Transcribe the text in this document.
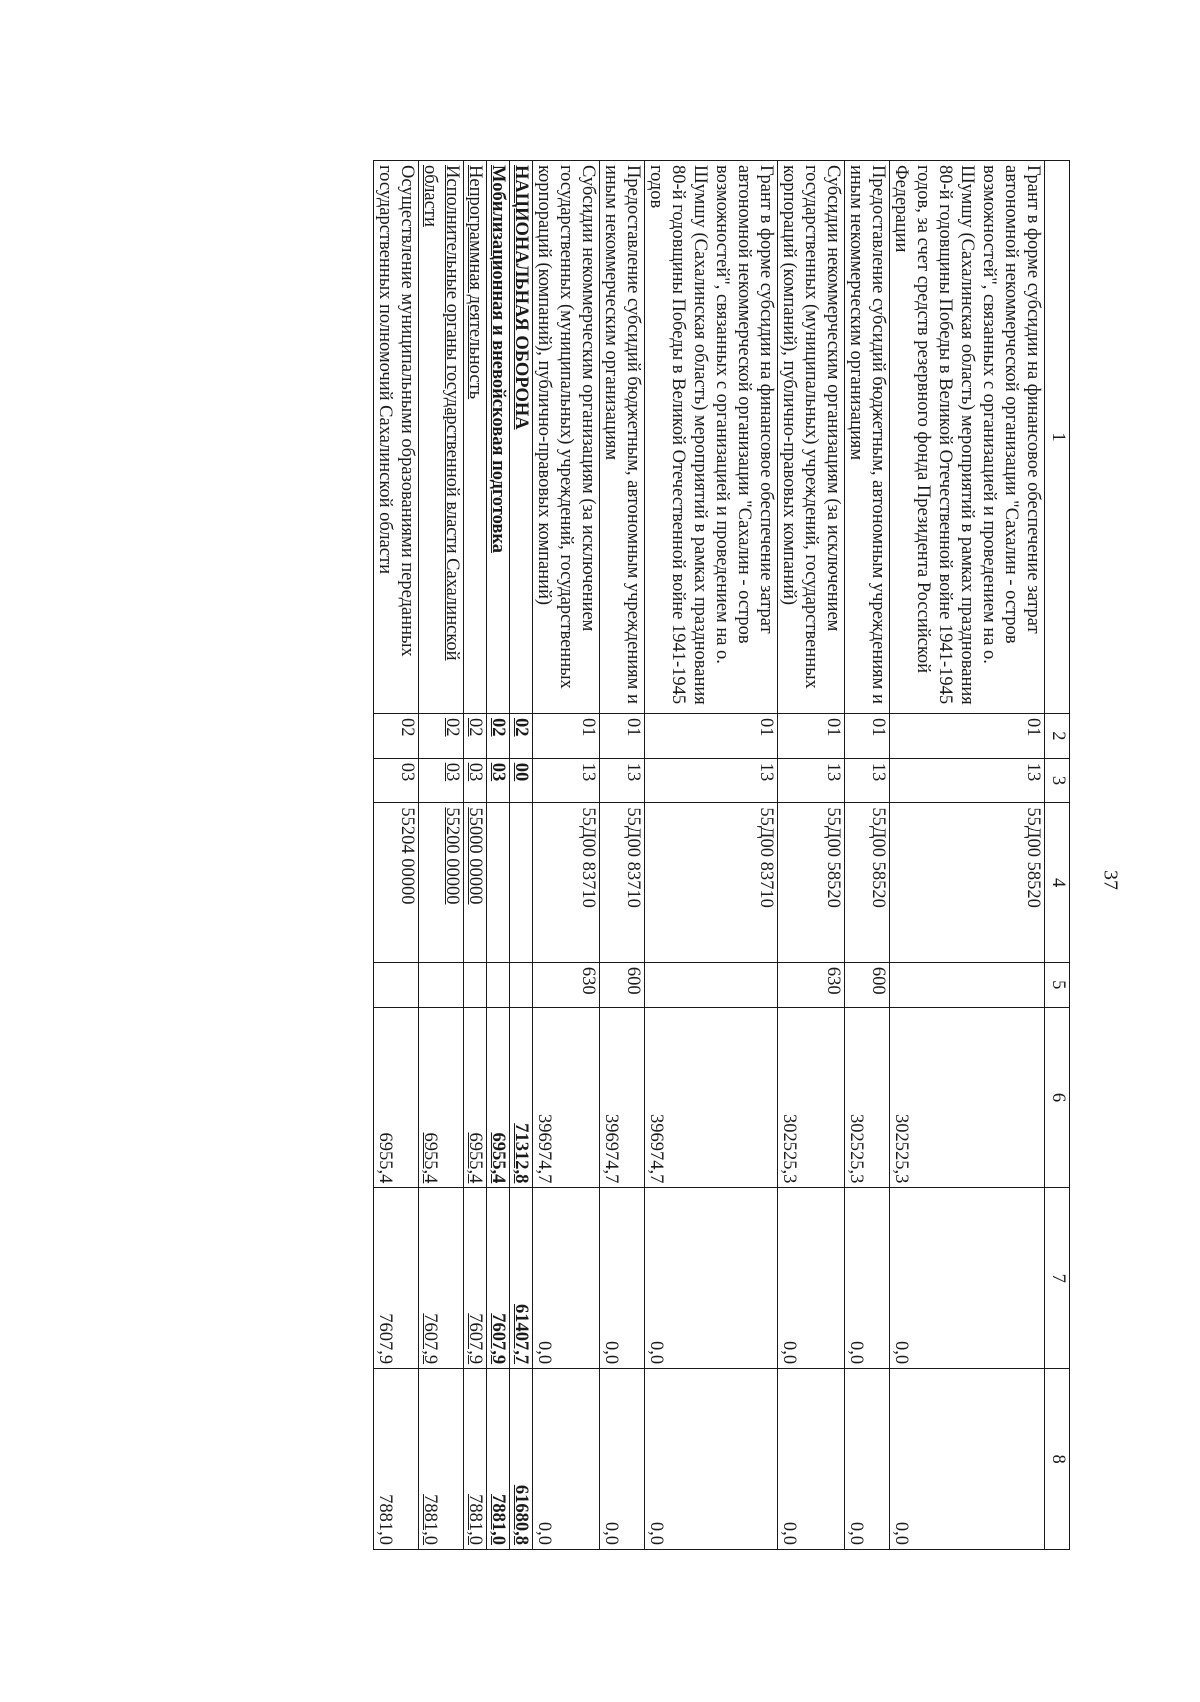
37
1	2	3	4	5	6	7	8
Грант в форме субсидии на финансовое обеспечение затрат автономной некоммерческой организации "Сахалин - остров возможностей", связанных с организацией и проведением на о. Шумшу (Сахалинская область) мероприятий в рамках празднования 80-й годовщины Победы в Великой Отечественной войне 1941-1945 годов, за счет средств резервного фонда Президента Российской Федерации	01	13	55Д00 58520		302525,3	0,0	0,0
Предоставление субсидий бюджетным, автономным учреждениям и иным некоммерческим организациям	01	13	55Д00 58520	600	302525,3	0,0	0,0
Субсидии некоммерческим организациям (за исключением государственных (муниципальных) учреждений, государственных корпораций (компаний), публично-правовых компаний)	01	13	55Д00 58520	630	302525,3	0,0	0,0
Грант в форме субсидии на финансовое обеспечение затрат автономной некоммерческой организации "Сахалин - остров возможностей", связанных с организацией и проведением на о. Шумшу (Сахалинская область) мероприятий в рамках празднования 80-й годовщины Победы в Великой Отечественной войне 1941-1945 годов	01	13	55Д00 83710		396974,7	0,0	0,0
Предоставление субсидий бюджетным, автономным учреждениям и иным некоммерческим организациям	01	13	55Д00 83710	600	396974,7	0,0	0,0
Субсидии некоммерческим организациям (за исключением государственных (муниципальных) учреждений, государственных корпораций (компаний), публично-правовых компаний)	01	13	55Д00 83710	630	396974,7	0,0	0,0
НАЦИОНАЛЬНАЯ ОБОРОНА	02	00			71312,8	61407,7	61680,8
Мобилизационная и вневойсковая подготовка	02	03			6955,4	7607,9	7881,0
Непрограммная деятельность	02	03	55000 00000		6955,4	7607,9	7881,0
Исполнительные органы государственной власти Сахалинской области	02	03	55200 00000		6955,4	7607,9	7881,0
Осуществление муниципальными образованиями переданных государственных полномочий Сахалинской области	02	03	55204 00000		6955,4	7607,9	7881,0
